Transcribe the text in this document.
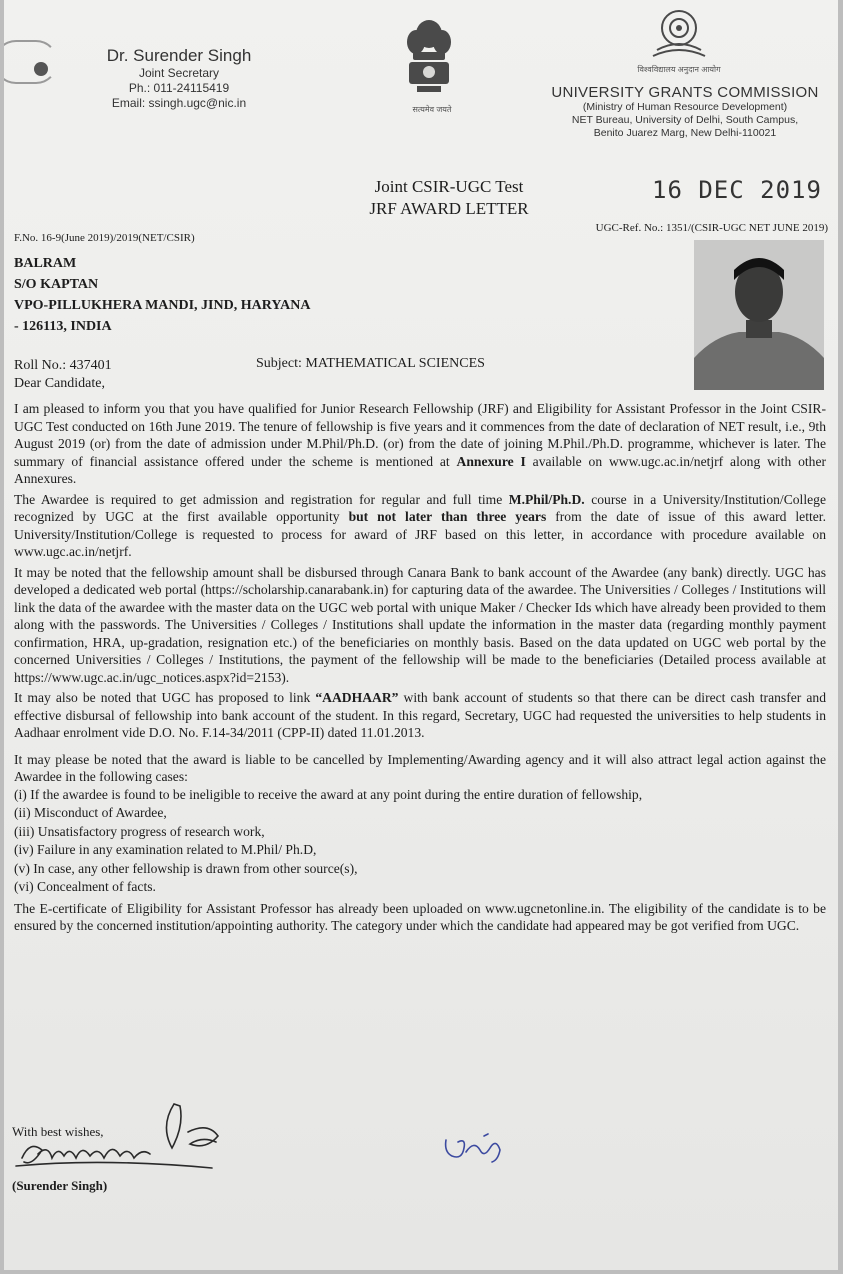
Dr. Surender Singh
Joint Secretary
Ph.: 011-24115419
Email: ssingh.ugc@nic.in	सत्यमेव जयते
विश्वविद्यालय अनुदान आयोग
UNIVERSITY GRANTS COMMISSION
(Ministry of Human Resource Development)
NET Bureau, University of Delhi, South Campus,
Benito Juarez Marg, New Delhi-110021
Joint CSIR-UGC Test
JRF AWARD LETTER
16 DEC 2019
F.No. 16-9(June 2019)/2019(NET/CSIR)
UGC-Ref. No.: 1351/(CSIR-UGC NET JUNE 2019)
BALRAM
S/O KAPTAN
VPO-PILLUKHERA MANDI, JIND, HARYANA
- 126113, INDIA
Roll No.: 437401	Subject: MATHEMATICAL SCIENCES
Dear Candidate,

I am pleased to inform you that you have qualified for Junior Research Fellowship (JRF) and Eligibility for Assistant Professor in the Joint CSIR-UGC Test conducted on 16th June 2019. The tenure of fellowship is five years and it commences from the date of declaration of NET result, i.e., 9th August 2019 (or) from the date of admission under M.Phil/Ph.D. (or) from the date of joining M.Phil./Ph.D. programme, whichever is later. The summary of financial assistance offered under the scheme is mentioned at Annexure I available on www.ugc.ac.in/netjrf along with other Annexures.

The Awardee is required to get admission and registration for regular and full time M.Phil/Ph.D. course in a University/Institution/College recognized by UGC at the first available opportunity but not later than three years from the date of issue of this award letter. University/Institution/College is requested to process for award of JRF based on this letter, in accordance with procedure available on www.ugc.ac.in/netjrf.

It may be noted that the fellowship amount shall be disbursed through Canara Bank to bank account of the Awardee (any bank) directly. UGC has developed a dedicated web portal (https://scholarship.canarabank.in) for capturing data of the awardee. The Universities / Colleges / Institutions will link the data of the awardee with the master data on the UGC web portal with unique Maker / Checker Ids which have already been provided to them along with the passwords. The Universities / Colleges / Institutions shall update the information in the master data (regarding monthly payment confirmation, HRA, up-gradation, resignation etc.) of the beneficiaries on monthly basis. Based on the data updated on UGC web portal by the concerned Universities / Colleges / Institutions, the payment of the fellowship will be made to the beneficiaries (Detailed process available at https://www.ugc.ac.in/ugc_notices.aspx?id=2153).

It may also be noted that UGC has proposed to link “AADHAAR” with bank account of students so that there can be direct cash transfer and effective disbursal of fellowship into bank account of the student. In this regard, Secretary, UGC had requested the universities to help students in Aadhaar enrolment vide D.O. No. F.14-34/2011 (CPP-II) dated 11.01.2013.

It may please be noted that the award is liable to be cancelled by Implementing/Awarding agency and it will also attract legal action against the Awardee in the following cases:

(i) If the awardee is found to be ineligible to receive the award at any point during the entire duration of fellowship,
(ii) Misconduct of Awardee,
(iii) Unsatisfactory progress of research work,
(iv) Failure in any examination related to M.Phil/ Ph.D,
(v) In case, any other fellowship is drawn from other source(s),
(vi) Concealment of facts.

The E-certificate of Eligibility for Assistant Professor has already been uploaded on www.ugcnetonline.in. The eligibility of the candidate is to be ensured by the concerned institution/appointing authority. The category under which the candidate had appeared may be got verified from UGC.

With best wishes,
(Surender Singh)
